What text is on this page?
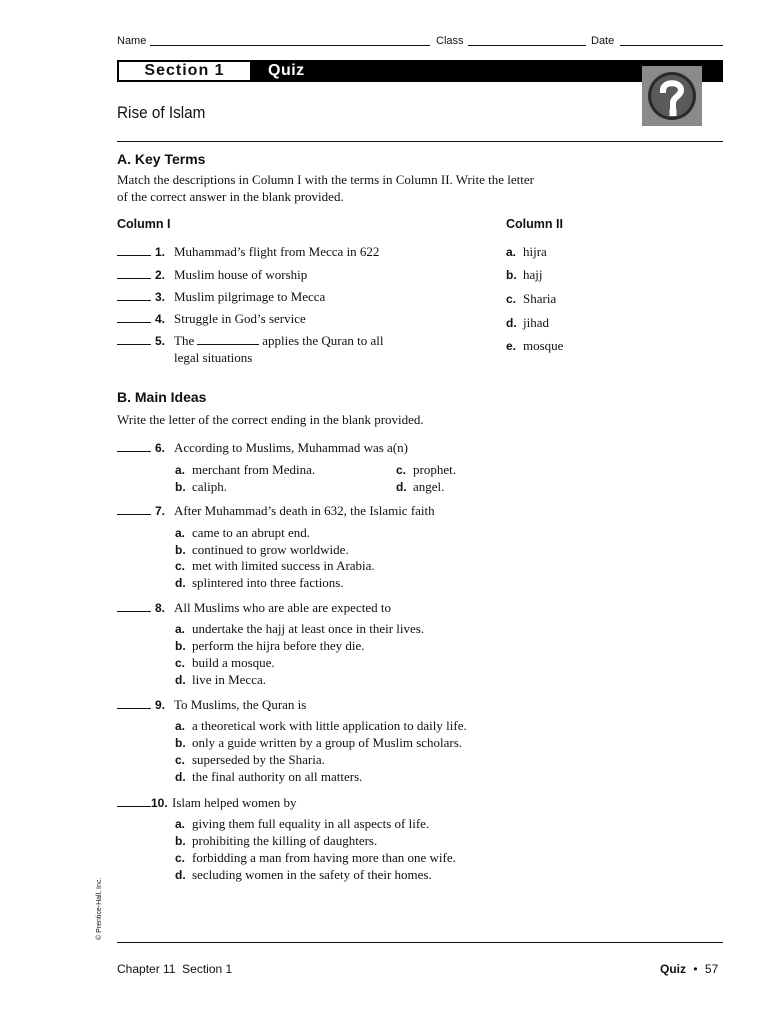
Name	Class	Date
Section 1	Quiz
Rise of Islam
A. Key Terms
Match the descriptions in Column I with the terms in Column II. Write the letter
of the correct answer in the blank provided.
Column I	Column II
1. Muhammad’s flight from Mecca in 622
2. Muslim house of worship
3. Muslim pilgrimage to Mecca
4. Struggle in God’s service
5. The	applies the Quran to all
legal situations
a. hijra
b. hajj
c. Sharia
d. jihad
e. mosque
B. Main Ideas
Write the letter of the correct ending in the blank provided.
6. According to Muslims, Muhammad was a(n)
a. merchant from Medina.
b. caliph.
c. prophet.
d. angel.
7. After Muhammad’s death in 632, the Islamic faith
a. came to an abrupt end.
b. continued to grow worldwide.
c. met with limited success in Arabia.
d. splintered into three factions.
8. All Muslims who are able are expected to
a. undertake the hajj at least once in their lives.
b. perform the hijra before they die.
c. build a mosque.
d. live in Mecca.
9. To Muslims, the Quran is
a. a theoretical work with little application to daily life.
b. only a guide written by a group of Muslim scholars.
c. superseded by the Sharia.
d. the final authority on all matters.
10. Islam helped women by
a. giving them full equality in all aspects of life.
b. prohibiting the killing of daughters.
c. forbidding a man from having more than one wife.
d. secluding women in the safety of their homes.
© Prentice-Hall, Inc.
Chapter 11  Section 1	Quiz • 57
